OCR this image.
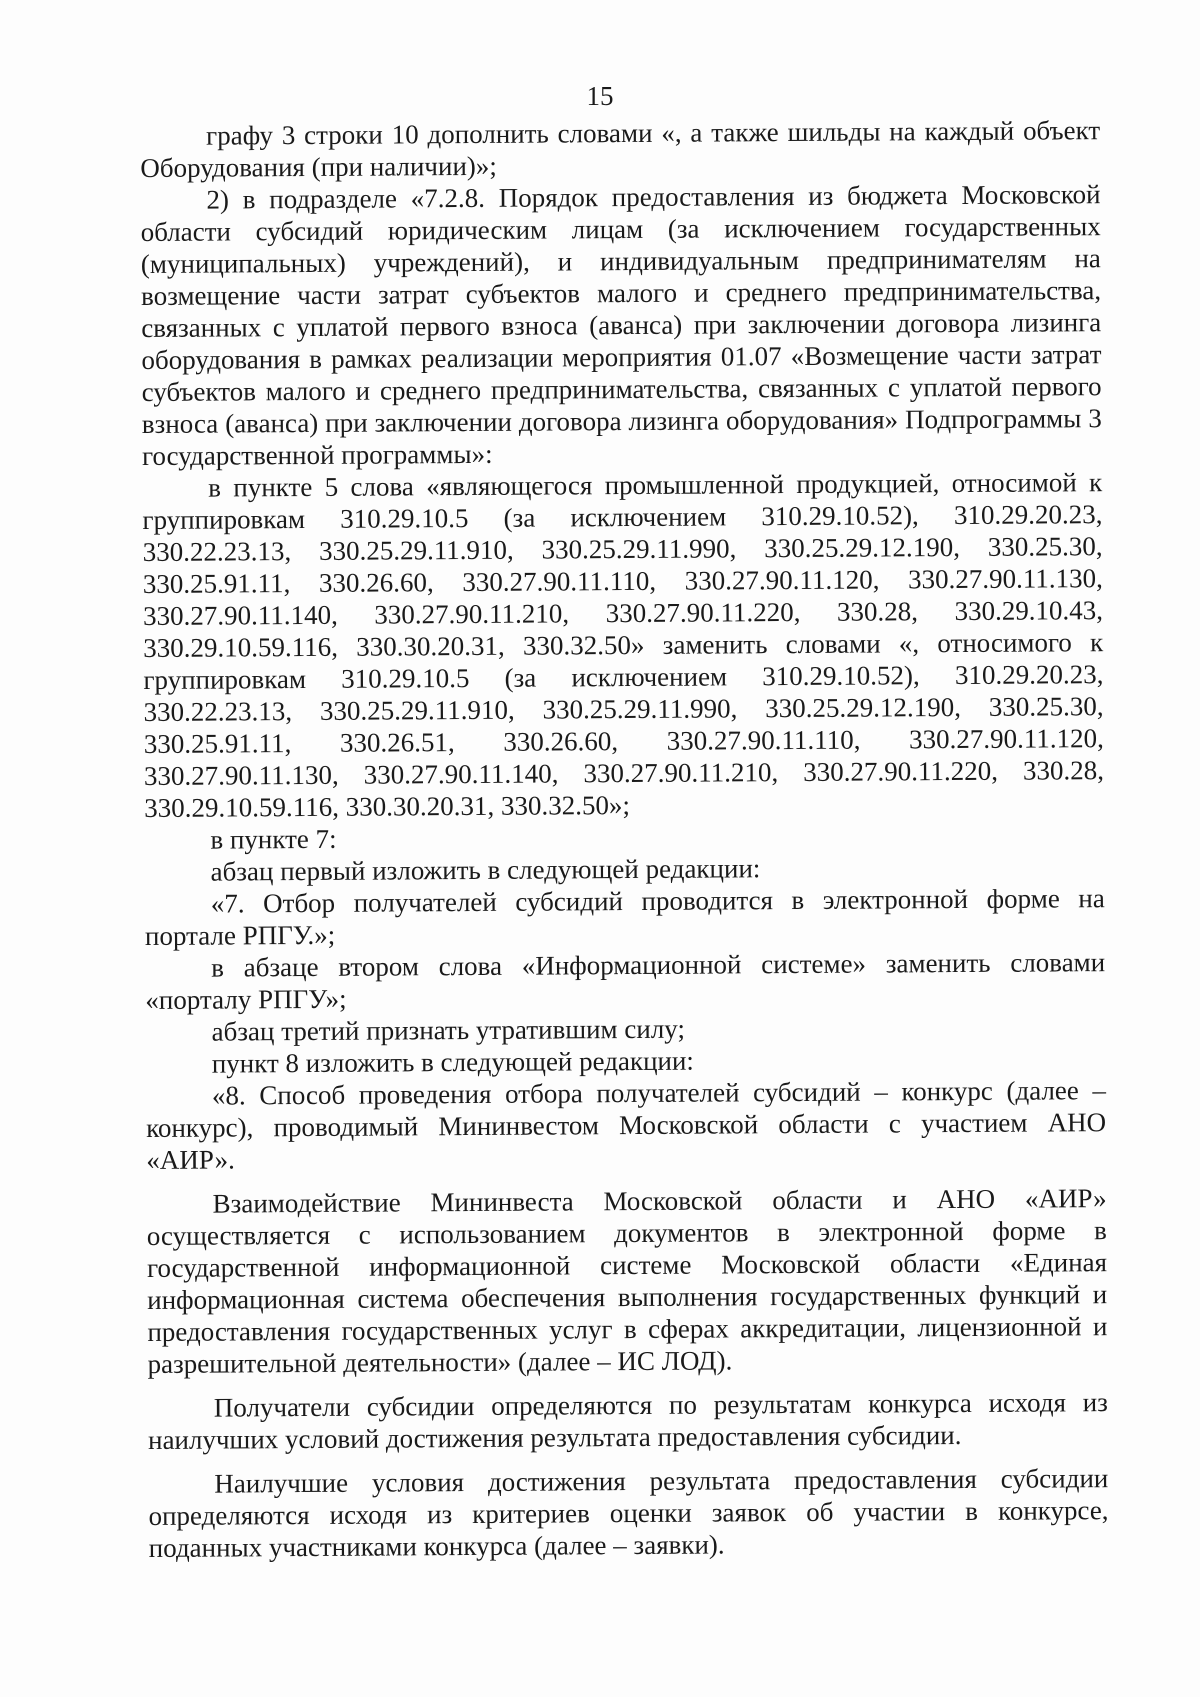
15

графу 3 строки 10 дополнить словами «, а также шильды на каждый объект Оборудования (при наличии)»;

2) в подразделе «7.2.8. Порядок предоставления из бюджета Московской области субсидий юридическим лицам (за исключением государственных (муниципальных) учреждений), и индивидуальным предпринимателям на возмещение части затрат субъектов малого и среднего предпринимательства, связанных с уплатой первого взноса (аванса) при заключении договора лизинга оборудования в рамках реализации мероприятия 01.07 «Возмещение части затрат субъектов малого и среднего предпринимательства, связанных с уплатой первого взноса (аванса) при заключении договора лизинга оборудования» Подпрограммы 3 государственной программы»:

в пункте 5 слова «являющегося промышленной продукцией, относимой к группировкам 310.29.10.5 (за исключением 310.29.10.52), 310.29.20.23, 330.22.23.13, 330.25.29.11.910, 330.25.29.11.990, 330.25.29.12.190, 330.25.30, 330.25.91.11, 330.26.60, 330.27.90.11.110, 330.27.90.11.120, 330.27.90.11.130, 330.27.90.11.140, 330.27.90.11.210, 330.27.90.11.220, 330.28, 330.29.10.43, 330.29.10.59.116, 330.30.20.31, 330.32.50» заменить словами «, относимого к группировкам 310.29.10.5 (за исключением 310.29.10.52), 310.29.20.23, 330.22.23.13, 330.25.29.11.910, 330.25.29.11.990, 330.25.29.12.190, 330.25.30, 330.25.91.11, 330.26.51, 330.26.60, 330.27.90.11.110, 330.27.90.11.120, 330.27.90.11.130, 330.27.90.11.140, 330.27.90.11.210, 330.27.90.11.220, 330.28, 330.29.10.59.116, 330.30.20.31, 330.32.50»;

в пункте 7:

абзац первый изложить в следующей редакции:

«7. Отбор получателей субсидий проводится в электронной форме на портале РПГУ.»;

в абзаце втором слова «Информационной системе» заменить словами «порталу РПГУ»;

абзац третий признать утратившим силу;

пункт 8 изложить в следующей редакции:

«8. Способ проведения отбора получателей субсидий – конкурс (далее – конкурс), проводимый Мининвестом Московской области с участием АНО «АИР».

Взаимодействие Мининвеста Московской области и АНО «АИР» осуществляется с использованием документов в электронной форме в государственной информационной системе Московской области «Единая информационная система обеспечения выполнения государственных функций и предоставления государственных услуг в сферах аккредитации, лицензионной и разрешительной деятельности» (далее – ИС ЛОД).

Получатели субсидии определяются по результатам конкурса исходя из наилучших условий достижения результата предоставления субсидии.

Наилучшие условия достижения результата предоставления субсидии определяются исходя из критериев оценки заявок об участии в конкурсе, поданных участниками конкурса (далее – заявки).
